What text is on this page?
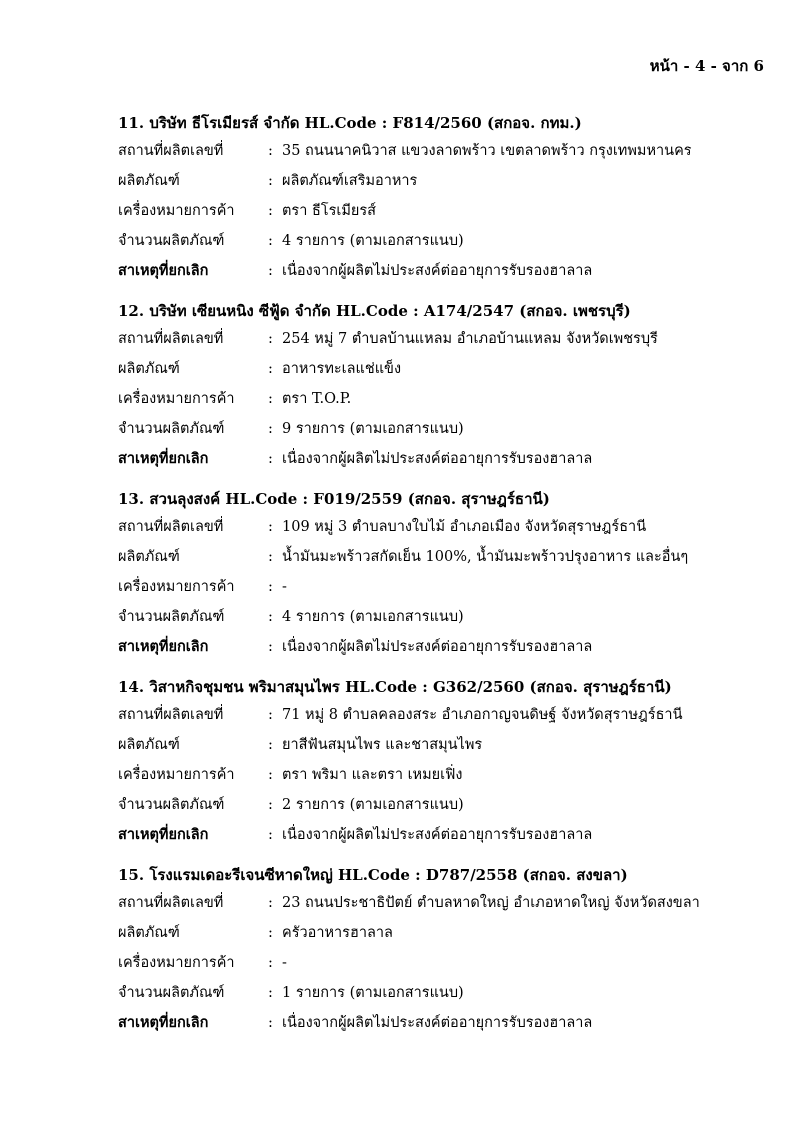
หน้า - 4 - จาก 6
11. บริษัท ธีโรเมียรส์ จำกัด HL.Code : F814/2560 (สกอจ. กทม.)
สถานที่ผลิตเลขที่	: 35 ถนนนาคนิวาส แขวงลาดพร้าว เขตลาดพร้าว กรุงเทพมหานคร
ผลิตภัณฑ์	: ผลิตภัณฑ์เสริมอาหาร
เครื่องหมายการค้า : ตรา ธีโรเมียรส์
จำนวนผลิตภัณฑ์	: 4 รายการ (ตามเอกสารแนบ)
สาเหตุที่ยกเลิก	: เนื่องจากผู้ผลิตไม่ประสงค์ต่ออายุการรับรองฮาลาล
12. บริษัท เซียนหนิง ซีฟู้ด จำกัด HL.Code : A174/2547 (สกอจ. เพชรบุรี)
สถานที่ผลิตเลขที่	: 254 หมู่ 7 ตำบลบ้านแหลม อำเภอบ้านแหลม จังหวัดเพชรบุรี
ผลิตภัณฑ์	: อาหารทะเลแช่แข็ง
เครื่องหมายการค้า : ตรา T.O.P.
จำนวนผลิตภัณฑ์	: 9 รายการ (ตามเอกสารแนบ)
สาเหตุที่ยกเลิก	: เนื่องจากผู้ผลิตไม่ประสงค์ต่ออายุการรับรองฮาลาล
13. สวนลุงสงค์ HL.Code : F019/2559 (สกอจ. สุราษฎร์ธานี)
สถานที่ผลิตเลขที่	: 109 หมู่ 3 ตำบลบางใบไม้ อำเภอเมือง จังหวัดสุราษฎร์ธานี
ผลิตภัณฑ์	: น้ำมันมะพร้าวสกัดเย็น 100%, น้ำมันมะพร้าวปรุงอาหาร และอื่นๆ
เครื่องหมายการค้า : -
จำนวนผลิตภัณฑ์	: 4 รายการ (ตามเอกสารแนบ)
สาเหตุที่ยกเลิก	: เนื่องจากผู้ผลิตไม่ประสงค์ต่ออายุการรับรองฮาลาล
14. วิสาหกิจชุมชน พริมาสมุนไพร HL.Code : G362/2560 (สกอจ. สุราษฎร์ธานี)
สถานที่ผลิตเลขที่	: 71 หมู่ 8 ตำบลคลองสระ อำเภอกาญจนดิษฐ์ จังหวัดสุราษฎร์ธานี
ผลิตภัณฑ์	: ยาสีฟันสมุนไพร และชาสมุนไพร
เครื่องหมายการค้า : ตรา พริมา และตรา เหมยเฟิ่ง
จำนวนผลิตภัณฑ์	: 2 รายการ (ตามเอกสารแนบ)
สาเหตุที่ยกเลิก	: เนื่องจากผู้ผลิตไม่ประสงค์ต่ออายุการรับรองฮาลาล
15. โรงแรมเดอะรีเจนซีหาดใหญ่ HL.Code : D787/2558 (สกอจ. สงขลา)
สถานที่ผลิตเลขที่	: 23 ถนนประชาธิปัตย์ ตำบลหาดใหญ่ อำเภอหาดใหญ่ จังหวัดสงขลา
ผลิตภัณฑ์	: ครัวอาหารฮาลาล
เครื่องหมายการค้า : -
จำนวนผลิตภัณฑ์	: 1 รายการ (ตามเอกสารแนบ)
สาเหตุที่ยกเลิก	: เนื่องจากผู้ผลิตไม่ประสงค์ต่ออายุการรับรองฮาลาล
